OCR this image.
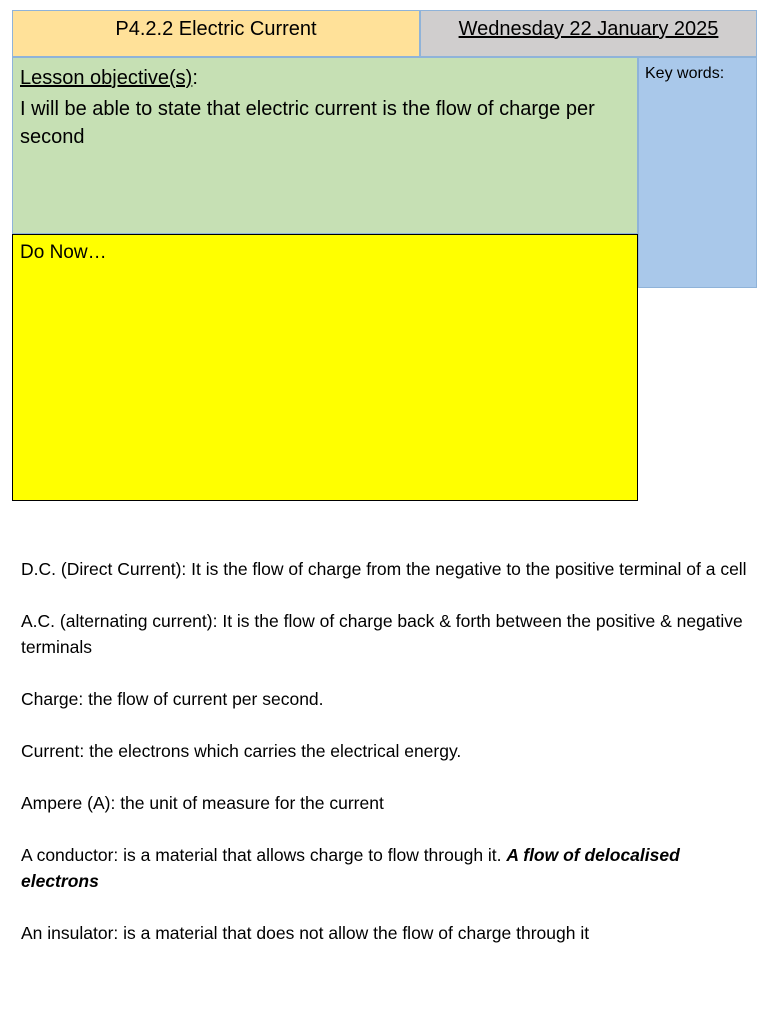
P4.2.2 Electric Current	Wednesday 22 January 2025
Lesson objective(s):
I will be able to state that electric current is the flow of charge per second
Key words:
Do Now…

D.C. (Direct Current): It is the flow of charge from the negative to the positive terminal of a cell

A.C. (alternating current): It is the flow of charge back & forth between the positive & negative terminals

Charge: the flow of current per second.

Current: the electrons which carries the electrical energy.

Ampere (A): the unit of measure for the current

A conductor: is a material that allows charge to flow through it. A flow of delocalised electrons

An insulator: is a material that does not allow the flow of charge through it
